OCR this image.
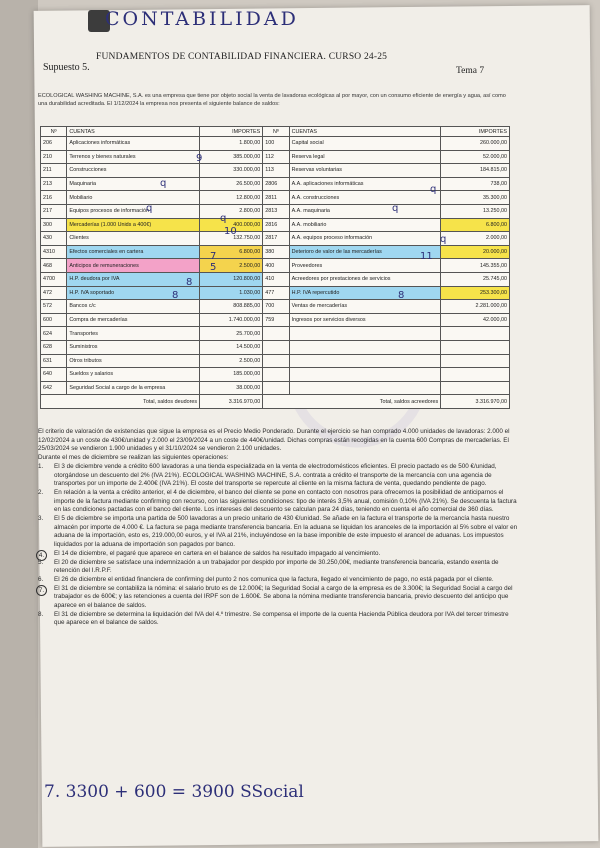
CONTABILIDAD
Supuesto 5.
FUNDAMENTOS DE CONTABILIDAD FINANCIERA. CURSO 24-25
Tema 7
ECOLOGICAL WASHING MACHINE, S.A. es una empresa que tiene por objeto social la venta de lavadoras ecológicas al por mayor, con un consumo eficiente de energía y agua, así como una durabilidad acreditada. El 1/12/2024 la empresa nos presenta el siguiente balance de saldos:
Nº	CUENTAS	IMPORTES	Nº	CUENTAS	IMPORTES
206	Aplicaciones informáticas	1.800,00	100	Capital social	260.000,00
210	Terrenos y bienes naturales	385.000,00	112	Reserva legal	52.000,00
211	Construcciones	330.000,00	113	Reservas voluntarias	184.815,00
213	Maquinaria	26.500,00	2806	A.A. aplicaciones informáticas	738,00
216	Mobiliario	12.800,00	2811	A.A. construcciones	35.300,00
217	Equipos procesos de información	2.800,00	2813	A.A. maquinaria	13.250,00
300	Mercaderías (1.000 Unids a 400€)	400.000,00	2816	A.A. mobiliario	6.800,00
430	Clientes	132.750,00	2817	A.A. equipos proceso información	2.000,00
4310	Efectos comerciales en cartera	6.800,00	380	Deterioro de valor de las mercaderías	20.000,00
468	Anticipos de remuneraciones	2.500,00	400	Proveedores	145.355,00
4700	H.P. deudora por IVA	120.800,00	410	Acreedores por prestaciones de servicios	25.745,00
472	H.P. IVA soportado	1.030,00	477	H.P. IVA repercutido	253.300,00
572	Bancos c/c	808.885,00	700	Ventas de mercaderías	2.281.000,00
600	Compra de mercaderías	1.740.000,00	759	Ingresos por servicios diversos	42.000,00
624	Transportes	25.700,00			
628	Suministros	14.500,00			
631	Otros tributos	2.500,00			
640	Sueldos y salarios	185.000,00			
642	Seguridad Social a cargo de la empresa	38.000,00			
Total, saldos deudores		3.316.970,00	Total, saldos acreedores		3.316.970,00
9
q
q
10
q
q
q
q
7
5
8
8	8
11

El criterio de valoración de existencias que sigue la empresa es el Precio Medio Ponderado. Durante el ejercicio se han comprado 4.000 unidades de lavadoras: 2.000 el 12/02/2024 a un coste de 430€/unidad y 2.000 el 23/09/2024 a un coste de 440€/unidad. Dichas compras están recogidas en la cuenta 600 Compras de mercaderías. El 25/03/2024 se vendieron 1.900 unidades y el 31/10/2024 se vendieron 2.100 unidades.

Durante el mes de diciembre se realizan las siguientes operaciones:

1. El 3 de diciembre vende a crédito 600 lavadoras a una tienda especializada en la venta de electrodomésticos eficientes. El precio pactado es de 500 €/unidad, otorgándose un descuento del 2% (IVA 21%). ECOLOGICAL WASHING MACHINE, S.A. contrata a crédito el transporte de la mercancía con una agencia de transportes por un importe de 2.400€ (IVA 21%). El coste del transporte se repercute al cliente en la misma factura de venta, quedando pendiente de pago.
2. En relación a la venta a crédito anterior, el 4 de diciembre, el banco del cliente se pone en contacto con nosotros para ofrecernos la posibilidad de anticiparnos el importe de la factura mediante confirming con recurso, con las siguientes condiciones: tipo de interés 3,5% anual, comisión 0,10% (IVA 21%). Se descuenta la factura en las condiciones pactadas con el banco del cliente. Los intereses del descuento se calculan para 24 días, teniendo en cuenta el año comercial de 360 días.
3. El 5 de diciembre se importa una partida de 500 lavadoras a un precio unitario de 430 €/unidad. Se añade en la factura el transporte de la mercancía hasta nuestro almacén por importe de 4.000 €. La factura se paga mediante transferencia bancaria. En la aduana se liquidan los aranceles de la importación al 5% sobre el valor en aduana de la importación, esto es, 219.000,00 euros, y el IVA al 21%, incluyéndose en la base imponible de este impuesto el arancel de aduanas. Los impuestos liquidados por la aduana de importación son pagados por banco.
4.	El 14 de diciembre, el pagaré que aparece en cartera en el balance de saldos ha resultado impagado al vencimiento.
5. El 20 de diciembre se satisface una indemnización a un trabajador por despido por importe de 30.250,00€, mediante transferencia bancaria, estando exenta de retención del I.R.P.F.
6. El 26 de diciembre el entidad financiera de confirming del punto 2 nos comunica que la factura, llegado el vencimiento de pago, no está pagada por el cliente.
7.	El 31 de diciembre se contabiliza la nómina: el salario bruto es de 12.000€; la Seguridad Social a cargo de la empresa es de 3.300€; la Seguridad Social a cargo del trabajador es de 600€; y las retenciones a cuenta del IRPF son de 1.600€. Se abona la nómina mediante transferencia bancaria, previo descuento del anticipo que aparece en el balance de saldos.
8. El 31 de diciembre se determina la liquidación del IVA del 4.º trimestre. Se compensa el importe de la cuenta Hacienda Pública deudora por IVA del tercer trimestre que aparece en el balance de saldos.
7. 3300 + 600 = 3900 SSocial
